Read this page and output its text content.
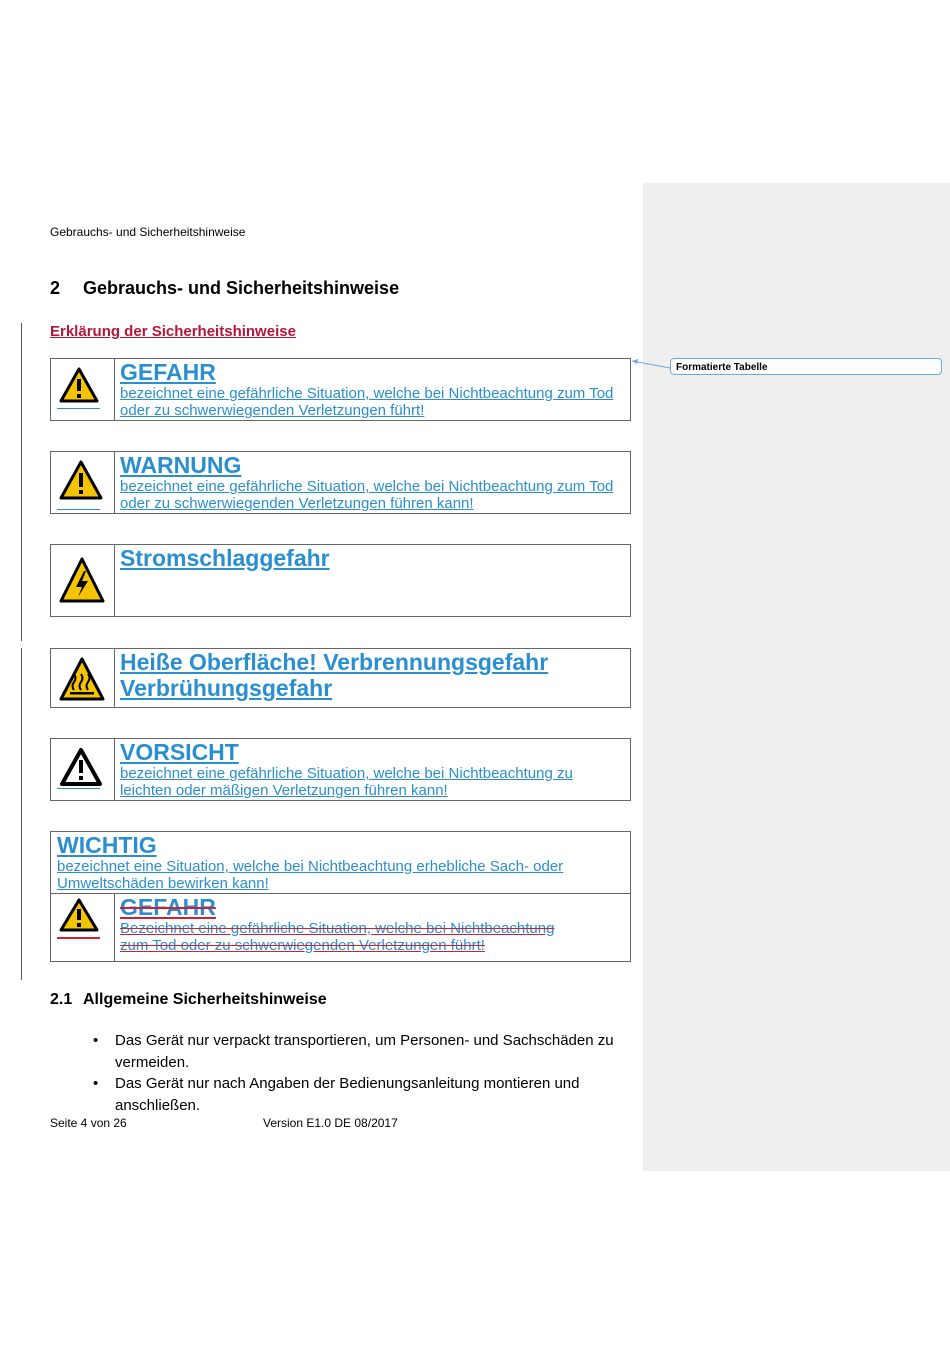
Formatierte Tabelle
Gebrauchs- und Sicherheitshinweise
2 Gebrauchs- und Sicherheitshinweise
Erklärung der Sicherheitshinweise
GEFAHR
bezeichnet eine gefährliche Situation, welche bei Nichtbeachtung zum Tod
oder zu schwerwiegenden Verletzungen führt!
WARNUNG
bezeichnet eine gefährliche Situation, welche bei Nichtbeachtung zum Tod
oder zu schwerwiegenden Verletzungen führen kann!
Stromschlaggefahr
Heiße Oberfläche! Verbrennungsgefahr
Verbrühungsgefahr
VORSICHT
bezeichnet eine gefährliche Situation, welche bei Nichtbeachtung zu
leichten oder mäßigen Verletzungen führen kann!
WICHTIG
bezeichnet eine Situation, welche bei Nichtbeachtung erhebliche Sach- oder
Umweltschäden bewirken kann!
GEFAHR
Bezeichnet eine gefährliche Situation, welche bei Nichtbeachtung
zum Tod oder zu schwerwiegenden Verletzungen führt!
2.1 Allgemeine Sicherheitshinweise
•	Das Gerät nur verpackt transportieren, um Personen- und Sachschäden zu
vermeiden.
•	Das Gerät nur nach Angaben der Bedienungsanleitung montieren und
anschließen.
Seite 4 von 26	Version E1.0 DE 08/2017
